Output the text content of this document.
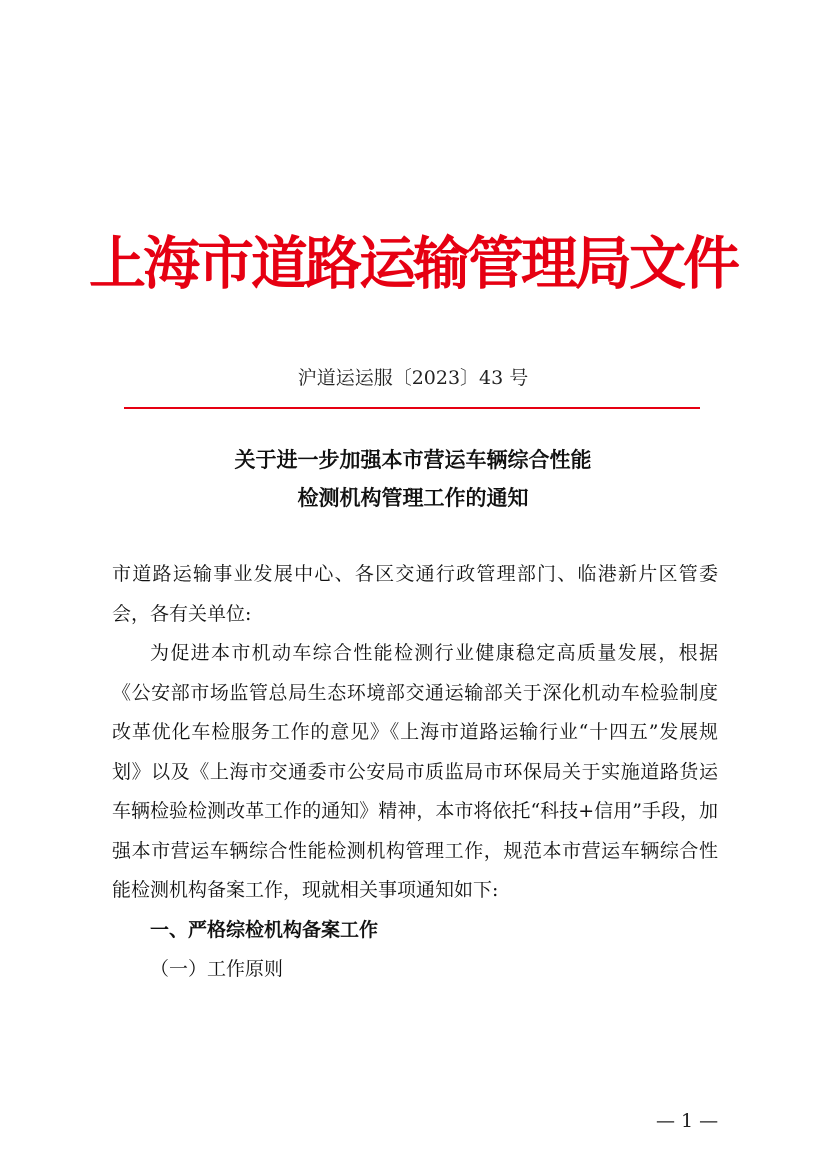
上海市道路运输管理局文件
沪道运运服〔2023〕43 号
关于进一步加强本市营运车辆综合性能
检测机构管理工作的通知

市道路运输事业发展中心、各区交通行政管理部门、临港新片区管委会，各有关单位:

为促进本市机动车综合性能检测行业健康稳定高质量发展，根据《公安部市场监管总局生态环境部交通运输部关于深化机动车检验制度改革优化车检服务工作的意见》《上海市道路运输行业“十四五”发展规划》以及《上海市交通委市公安局市质监局市环保局关于实施道路货运车辆检验检测改革工作的通知》精神，本市将依托“科技+信用”手段，加强本市营运车辆综合性能检测机构管理工作，规范本市营运车辆综合性能检测机构备案工作，现就相关事项通知如下:

一、严格综检机构备案工作

（一）工作原则

— 1 —
